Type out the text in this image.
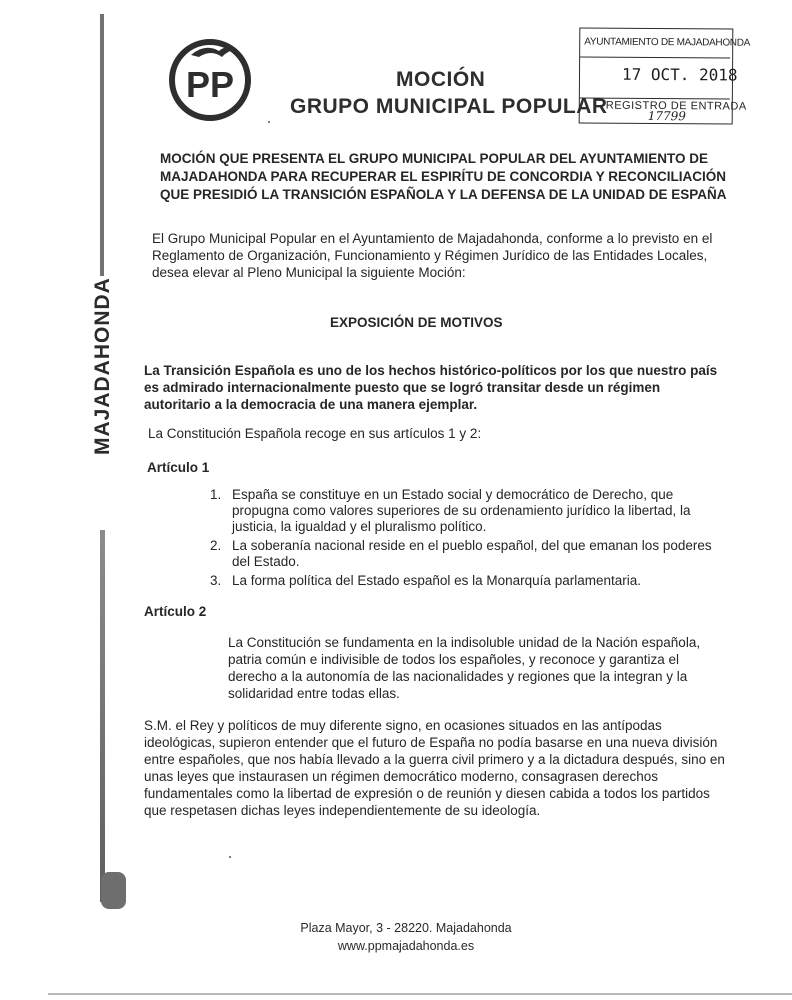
MAJADAHONDA
PP	MOCIÓN
GRUPO MUNICIPAL POPULAR
AYUNTAMIENTO DE MAJADAHONDA
17 OCT. 2018
REGISTRO DE ENTRADA
17799
MOCIÓN QUE PRESENTA EL GRUPO MUNICIPAL POPULAR DEL AYUNTAMIENTO DE
MAJADAHONDA PARA RECUPERAR EL ESPIRÍTU DE CONCORDIA Y RECONCILIACIÓN
QUE PRESIDIÓ LA TRANSICIÓN ESPAÑOLA Y LA DEFENSA DE LA UNIDAD DE ESPAÑA
El Grupo Municipal Popular en el Ayuntamiento de Majadahonda, conforme a lo previsto en el
Reglamento de Organización, Funcionamiento y Régimen Jurídico de las Entidades Locales,
desea elevar al Pleno Municipal la siguiente Moción:
EXPOSICIÓN DE MOTIVOS
La Transición Española es uno de los hechos histórico-políticos por los que nuestro país
es admirado internacionalmente puesto que se logró transitar desde un régimen
autoritario a la democracia de una manera ejemplar.
La Constitución Española recoge en sus artículos 1 y 2:
Artículo 1
1. España se constituye en un Estado social y democrático de Derecho, que
propugna como valores superiores de su ordenamiento jurídico la libertad, la
justicia, la igualdad y el pluralismo político.
2. La soberanía nacional reside en el pueblo español, del que emanan los poderes
del Estado.
3. La forma política del Estado español es la Monarquía parlamentaria.
Artículo 2
La Constitución se fundamenta en la indisoluble unidad de la Nación española,
patria común e indivisible de todos los españoles, y reconoce y garantiza el
derecho a la autonomía de las nacionalidades y regiones que la integran y la
solidaridad entre todas ellas.
S.M. el Rey y políticos de muy diferente signo, en ocasiones situados en las antípodas
ideológicas, supieron entender que el futuro de España no podía basarse en una nueva división
entre españoles, que nos había llevado a la guerra civil primero y a la dictadura después, sino en
unas leyes que instaurasen un régimen democrático moderno, consagrasen derechos
fundamentales como la libertad de expresión o de reunión y diesen cabida a todos los partidos
que respetasen dichas leyes independientemente de su ideología.
Plaza Mayor, 3 - 28220. Majadahonda
www.ppmajadahonda.es
